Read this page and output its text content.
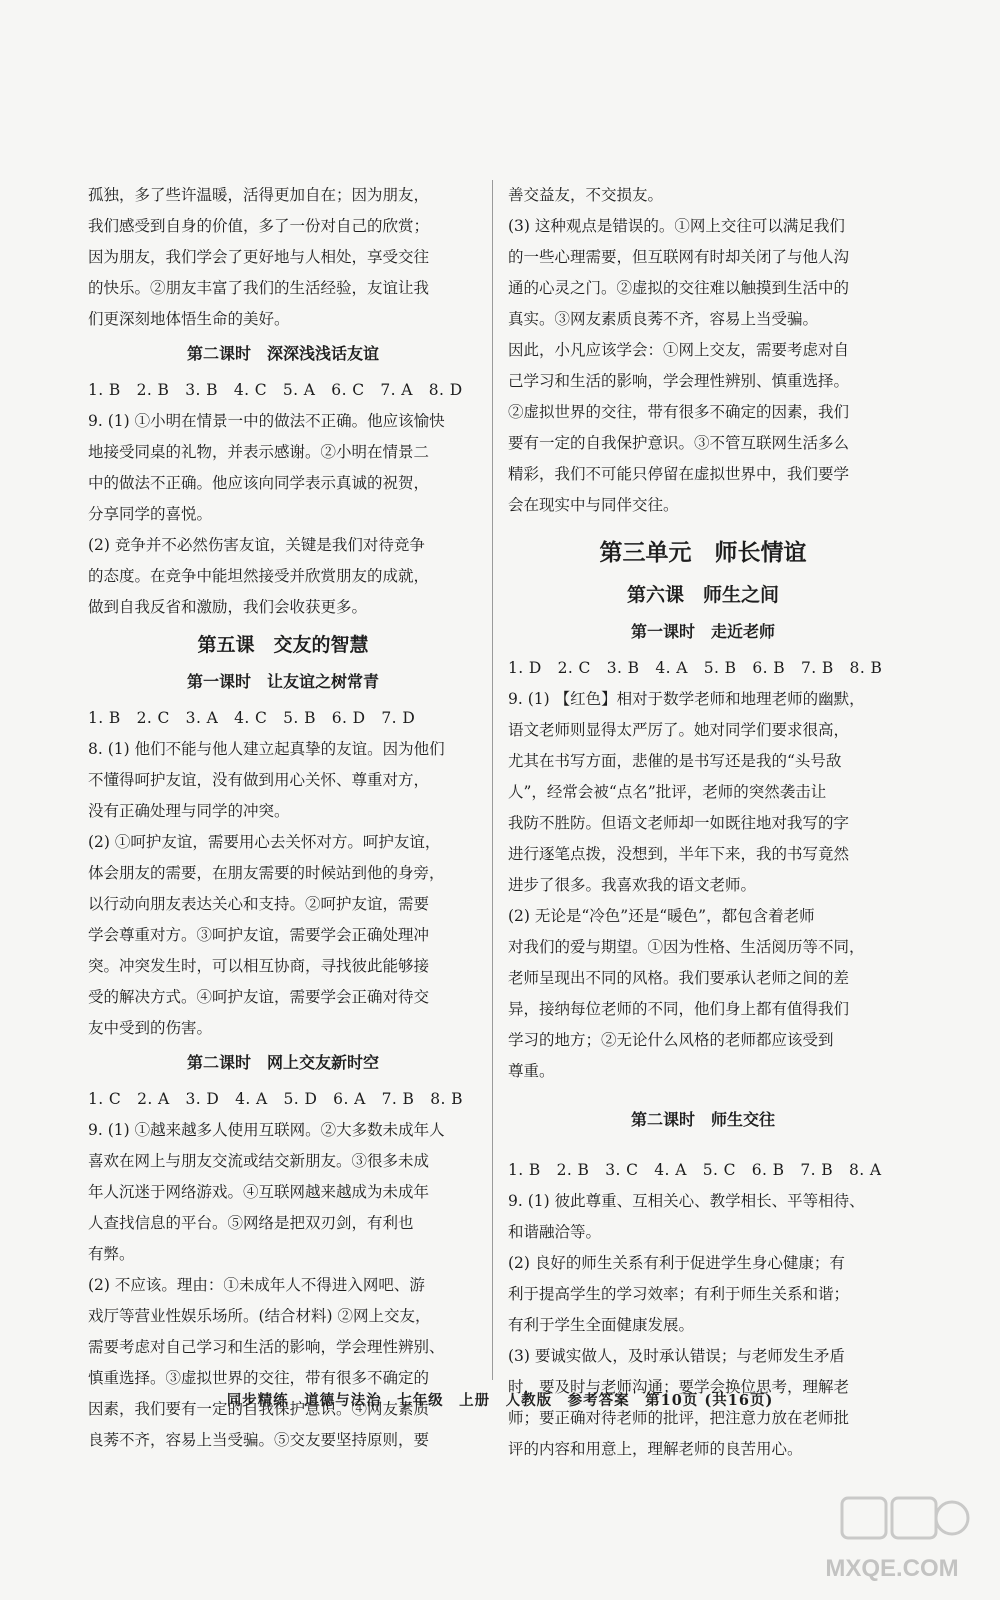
孤独，多了些许温暖，活得更加自在；因为朋友，

我们感受到自身的价值，多了一份对自己的欣赏；

因为朋友，我们学会了更好地与人相处，享受交往

的快乐。②朋友丰富了我们的生活经验，友谊让我

们更深刻地体悟生命的美好。

第二课时　深深浅浅话友谊

1. B　2. B　3. B　4. C　5. A　6. C　7. A　8. D

9. (1) ①小明在情景一中的做法不正确。他应该愉快

地接受同桌的礼物，并表示感谢。②小明在情景二

中的做法不正确。他应该向同学表示真诚的祝贺，

分享同学的喜悦。

(2) 竞争并不必然伤害友谊，关键是我们对待竞争

的态度。在竞争中能坦然接受并欣赏朋友的成就，

做到自我反省和激励，我们会收获更多。

第五课　交友的智慧
第一课时　让友谊之树常青

1. B　2. C　3. A　4. C　5. B　6. D　7. D

8. (1) 他们不能与他人建立起真挚的友谊。因为他们

不懂得呵护友谊，没有做到用心关怀、尊重对方，

没有正确处理与同学的冲突。

(2) ①呵护友谊，需要用心去关怀对方。呵护友谊，

体会朋友的需要，在朋友需要的时候站到他的身旁，

以行动向朋友表达关心和支持。②呵护友谊，需要

学会尊重对方。③呵护友谊，需要学会正确处理冲

突。冲突发生时，可以相互协商，寻找彼此能够接

受的解决方式。④呵护友谊，需要学会正确对待交

友中受到的伤害。

第二课时　网上交友新时空

1. C　2. A　3. D　4. A　5. D　6. A　7. B　8. B

9. (1) ①越来越多人使用互联网。②大多数未成年人

喜欢在网上与朋友交流或结交新朋友。③很多未成

年人沉迷于网络游戏。④互联网越来越成为未成年

人查找信息的平台。⑤网络是把双刃剑，有利也

有弊。

(2) 不应该。理由：①未成年人不得进入网吧、游

戏厅等营业性娱乐场所。(结合材料) ②网上交友，

需要考虑对自己学习和生活的影响，学会理性辨别、

慎重选择。③虚拟世界的交往，带有很多不确定的

因素，我们要有一定的自我保护意识。④网友素质

良莠不齐，容易上当受骗。⑤交友要坚持原则，要

善交益友，不交损友。

(3) 这种观点是错误的。①网上交往可以满足我们

的一些心理需要，但互联网有时却关闭了与他人沟

通的心灵之门。②虚拟的交往难以触摸到生活中的

真实。③网友素质良莠不齐，容易上当受骗。

因此，小凡应该学会：①网上交友，需要考虑对自

己学习和生活的影响，学会理性辨别、慎重选择。

②虚拟世界的交往，带有很多不确定的因素，我们

要有一定的自我保护意识。③不管互联网生活多么

精彩，我们不可能只停留在虚拟世界中，我们要学

会在现实中与同伴交往。

第三单元　师长情谊
第六课　师生之间
第一课时　走近老师

1. D　2. C　3. B　4. A　5. B　6. B　7. B　8. B

9. (1) 【红色】相对于数学老师和地理老师的幽默，

语文老师则显得太严厉了。她对同学们要求很高，

尤其在书写方面，悲催的是书写还是我的“头号敌

人”，经常会被“点名”批评，老师的突然袭击让

我防不胜防。但语文老师却一如既往地对我写的字

进行逐笔点拨，没想到，半年下来，我的书写竟然

进步了很多。我喜欢我的语文老师。

(2) 无论是“冷色”还是“暖色”，都包含着老师

对我们的爱与期望。①因为性格、生活阅历等不同，

老师呈现出不同的风格。我们要承认老师之间的差

异，接纳每位老师的不同，他们身上都有值得我们

学习的地方；②无论什么风格的老师都应该受到

尊重。

第二课时　师生交往

1. B　2. B　3. C　4. A　5. C　6. B　7. B　8. A

9. (1) 彼此尊重、互相关心、教学相长、平等相待、

和谐融洽等。

(2) 良好的师生关系有利于促进学生身心健康；有

利于提高学生的学习效率；有利于师生关系和谐；

有利于学生全面健康发展。

(3) 要诚实做人，及时承认错误；与老师发生矛盾

时，要及时与老师沟通；要学会换位思考，理解老

师；要正确对待老师的批评，把注意力放在老师批

评的内容和用意上，理解老师的良苦用心。

同步精练　道德与法治　七年级　上册　人教版　参考答案　第10页 (共16页)
MXQE.COM
